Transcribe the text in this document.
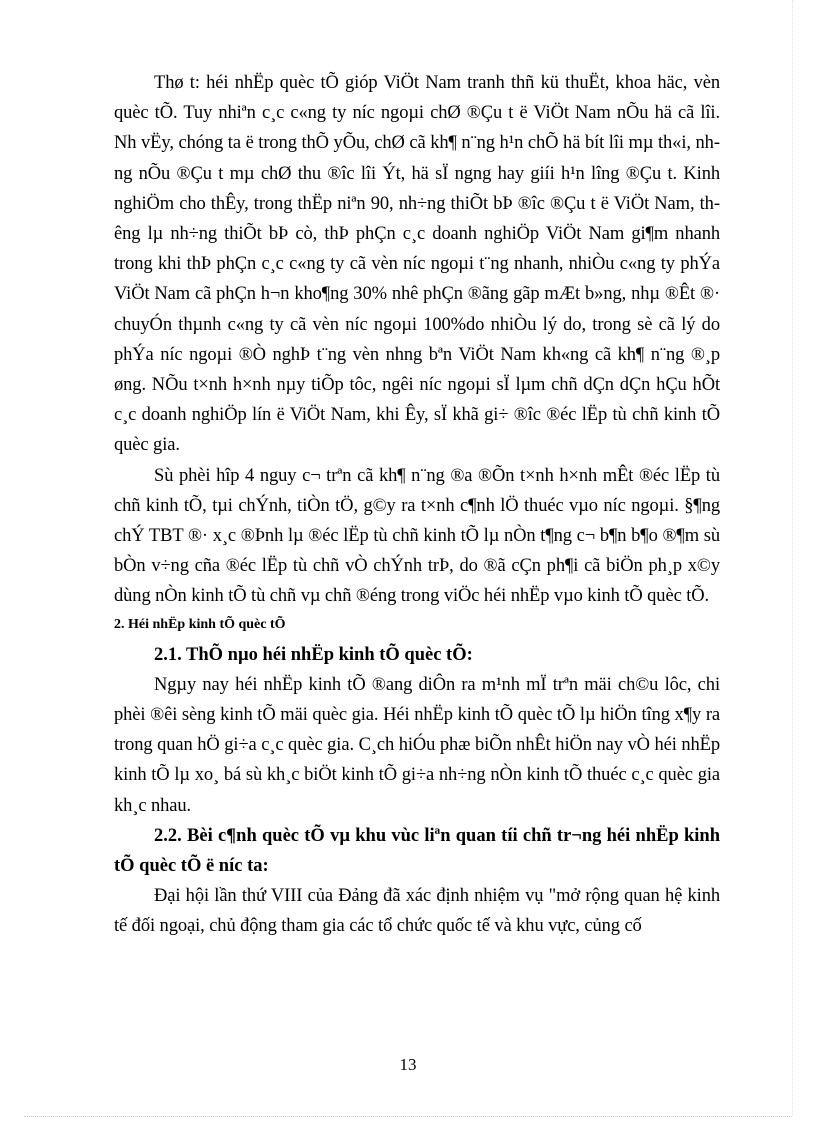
Thø t: héi nhËp quèc tÕ gióp ViÖt Nam tranh thñ kü thuËt, khoa häc, vèn quèc tÕ. Tuy nhiªn c¸c c«ng ty níc ngoµi chØ ®Çu t ë ViÖt Nam nÕu hä cã lîi. Nh vËy, chóng ta ë trong thÕ yÕu, chØ cã kh¶ n¨ng h¹n chÕ hä bít lîi mµ th«i, nhng nÕu ®Çu t mµ chØ thu ®îc lîi Ýt, hä sÏ ngng hay giíi h¹n lîng ®Çu t. Kinh nghiÖm cho thÊy, trong thËp niªn 90, nh÷ng thiÕt bÞ ®îc ®Çu t ë ViÖt Nam, thêng lµ nh÷ng thiÕt bÞ cò, thÞ phÇn c¸c doanh nghiÖp ViÖt Nam gi¶m nhanh trong khi thÞ phÇn c¸c c«ng ty cã vèn níc ngoµi t¨ng nhanh, nhiÒu c«ng ty phÝa ViÖt Nam cã phÇn h¬n kho¶ng 30% nhê phÇn ®ãng gãp mÆt b»ng, nhµ ®Êt ®· chuyÓn thµnh c«ng ty cã vèn níc ngoµi 100%do nhiÒu lý do, trong sè cã lý do phÝa níc ngoµi ®Ò nghÞ t¨ng vèn nhng bªn ViÖt Nam kh«ng cã kh¶ n¨ng ®¸p øng. NÕu t×nh h×nh nµy tiÕp tôc, ngêi níc ngoµi sÏ lµm chñ dÇn dÇn hÇu hÕt c¸c doanh nghiÖp lín ë ViÖt Nam, khi Êy, sÏ khã gi÷ ®îc ®éc lËp tù chñ kinh tÕ quèc gia.

Sù phèi hîp 4 nguy c¬ trªn cã kh¶ n¨ng ®a ®Õn t×nh h×nh mÊt ®éc lËp tù chñ kinh tÕ, tµi chÝnh, tiÒn tÖ, g©y ra t×nh c¶nh lÖ thuéc vµo níc ngoµi. §¶ng chÝ TBT ®· x¸c ®Þnh lµ ®éc lËp tù chñ kinh tÕ lµ nÒn t¶ng c¬ b¶n b¶o ®¶m sù bÒn v÷ng cña ®éc lËp tù chñ vÒ chÝnh trÞ, do ®ã cÇn ph¶i cã biÖn ph¸p x©y dùng nÒn kinh tÕ tù chñ vµ chñ ®éng trong viÖc héi nhËp vµo kinh tÕ quèc tÕ.

2. Héi nhËp kinh tÕ quèc tÕ

2.1. ThÕ nµo héi nhËp kinh tÕ quèc tÕ:

Ngµy nay héi nhËp kinh tÕ ®ang diÔn ra m¹nh mÏ trªn mäi ch©u lôc, chi phèi ®êi sèng kinh tÕ mäi quèc gia. Héi nhËp kinh tÕ quèc tÕ lµ hiÖn tîng x¶y ra trong quan hÖ gi÷a c¸c quèc gia. C¸ch hiÓu phæ biÕn nhÊt hiÖn nay vÒ héi nhËp kinh tÕ lµ xo¸ bá sù kh¸c biÖt kinh tÕ gi÷a nh÷ng nÒn kinh tÕ thuéc c¸c quèc gia kh¸c nhau.

2.2. Bèi c¶nh quèc tÕ vµ khu vùc liªn quan tíi chñ tr¬ng héi nhËp kinh tÕ quèc tÕ ë níc ta:

Đại hội lần thứ VIII của Đảng đã xác định nhiệm vụ "mở rộng quan hệ kinh tế đối ngoại, chủ động tham gia các tổ chức quốc tế và khu vực, củng cố

13
